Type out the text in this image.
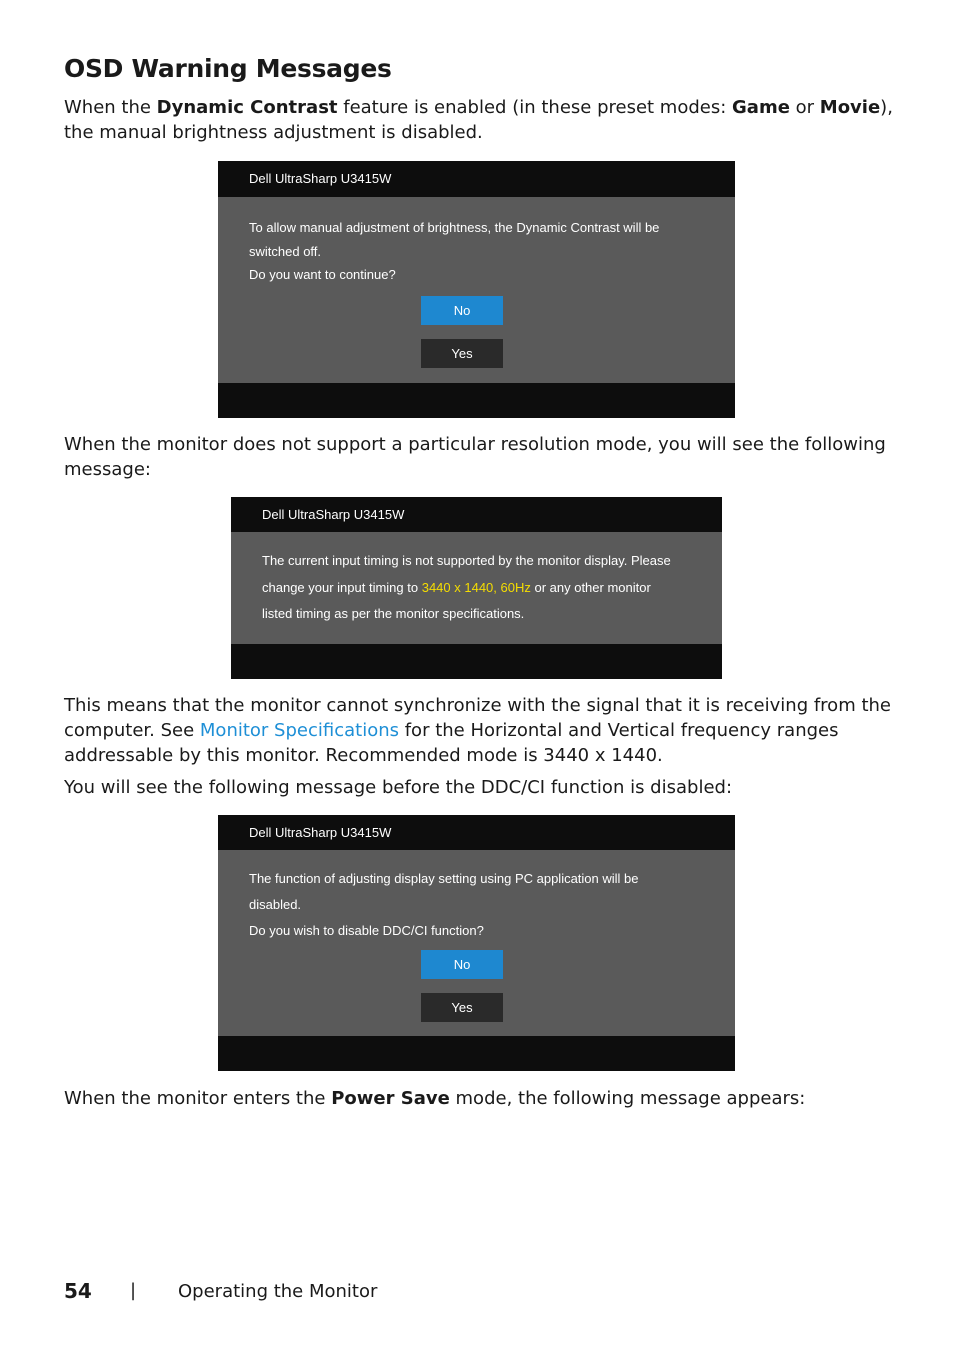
OSD Warning Messages

When the Dynamic Contrast feature is enabled (in these preset modes: Game or Movie), the manual brightness adjustment is disabled.

Dell UltraSharp U3415W

To allow manual adjustment of brightness, the Dynamic Contrast will be
switched off.
Do you want to continue?

No
Yes

When the monitor does not support a particular resolution mode, you will see the following message:

Dell UltraSharp U3415W

The current input timing is not supported by the monitor display. Please
change your input timing to 3440 x 1440, 60Hz or any other monitor
listed timing as per the monitor specifications.

This means that the monitor cannot synchronize with the signal that it is receiving from the computer. See Monitor Specifications for the Horizontal and Vertical frequency ranges addressable by this monitor. Recommended mode is 3440 x 1440.

You will see the following message before the DDC/CI function is disabled:

Dell UltraSharp U3415W

The function of adjusting display setting using PC application will be
disabled.
Do you wish to disable DDC/CI function?

No
Yes

When the monitor enters the Power Save mode, the following message appears:

54 | Operating the Monitor
